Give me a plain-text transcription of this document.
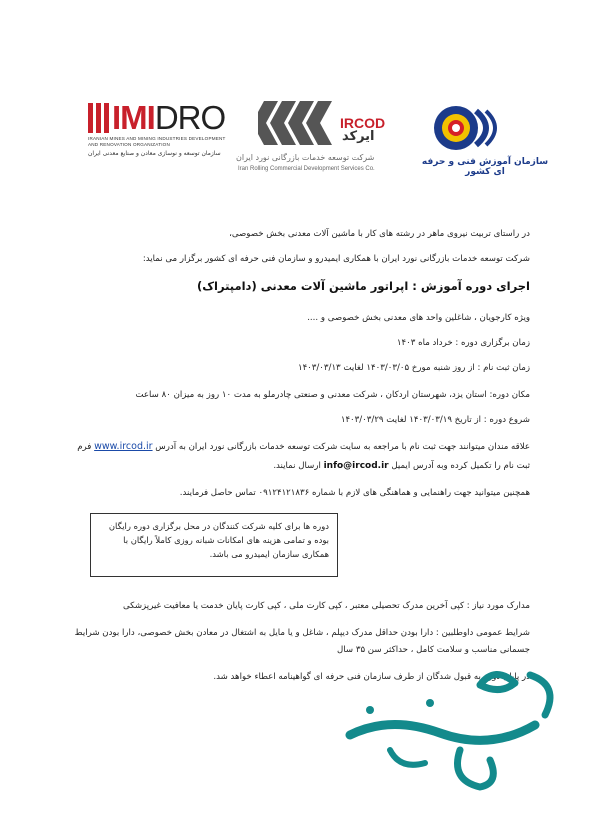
IMIDRO
IRANIAN MINES AND MINING INDUSTRIES DEVELOPMENT AND RENOVATION ORGANIZATION
سازمان توسعه و نوسازی معادن و صنایع معدنی ایران
IRCOD
ایرکد
شرکت توسعه خدمات بازرگانی نورد ایران
Iran Rolling Commercial Development Services Co.
سازمان آموزش فنی و حرفه ای کشور
در راستای تربیت نیروی ماهر در رشته های کار با ماشین آلات معدنی بخش خصوصی،
شرکت توسعه خدمات بازرگانی نورد ایران با همکاری ایمیدرو و سازمان فنی حرفه ای کشور برگزار می نماید:
اجرای دوره آموزش : اپراتور ماشین آلات معدنی (دامپتراک)
ویژه کارجویان ، شاغلین واحد های معدنی بخش خصوصی و ....
زمان برگزاری دوره : خرداد ماه ۱۴۰۳
زمان ثبت نام : از روز شنبه مورخ ۱۴۰۳/۰۳/۰۵ لغایت ۱۴۰۳/۰۳/۱۳
مکان دوره: استان یزد، شهرستان اردکان ، شرکت معدنی و صنعتی چادرملو به مدت ۱۰ روز به میزان ۸۰ ساعت
شروع دوره : از تاریخ ۱۴۰۳/۰۳/۱۹ لغایت ۱۴۰۳/۰۳/۲۹
علاقه مندان میتوانند جهت ثبت نام با مراجعه به سایت شرکت توسعه خدمات بازرگانی نورد ایران به آدرس www.ircod.ir فرم
ثبت نام را تکمیل کرده وبه آدرس ایمیل info@ircod.ir ارسال نمایند.
همچنین میتوانید جهت راهنمایی و هماهنگی های لازم با شماره ۰۹۱۲۴۱۲۱۸۳۶ تماس حاصل فرمایند.
دوره ها برای کلیه شرکت کنندگان در محل برگزاری دوره رایگان بوده و تمامی هزینه های امکانات شبانه روزی کاملاً رایگان با همکاری سازمان ایمیدرو می باشد.
مدارک مورد نیاز : کپی آخرین مدرک تحصیلی معتبر ، کپی کارت ملی ، کپی کارت پایان خدمت یا معافیت غیرپزشکی
شرایط عمومی داوطلبین : دارا بودن حداقل مدرک دیپلم ، شاغل و یا مایل به اشتغال در معادن بخش خصوصی، دارا بودن شرایط
جسمانی مناسب و سلامت کامل ، حداکثر سن ۳۵ سال
در پایان دوره به قبول شدگان از طرف سازمان فنی حرفه ای گواهینامه اعطاء خواهد شد.
